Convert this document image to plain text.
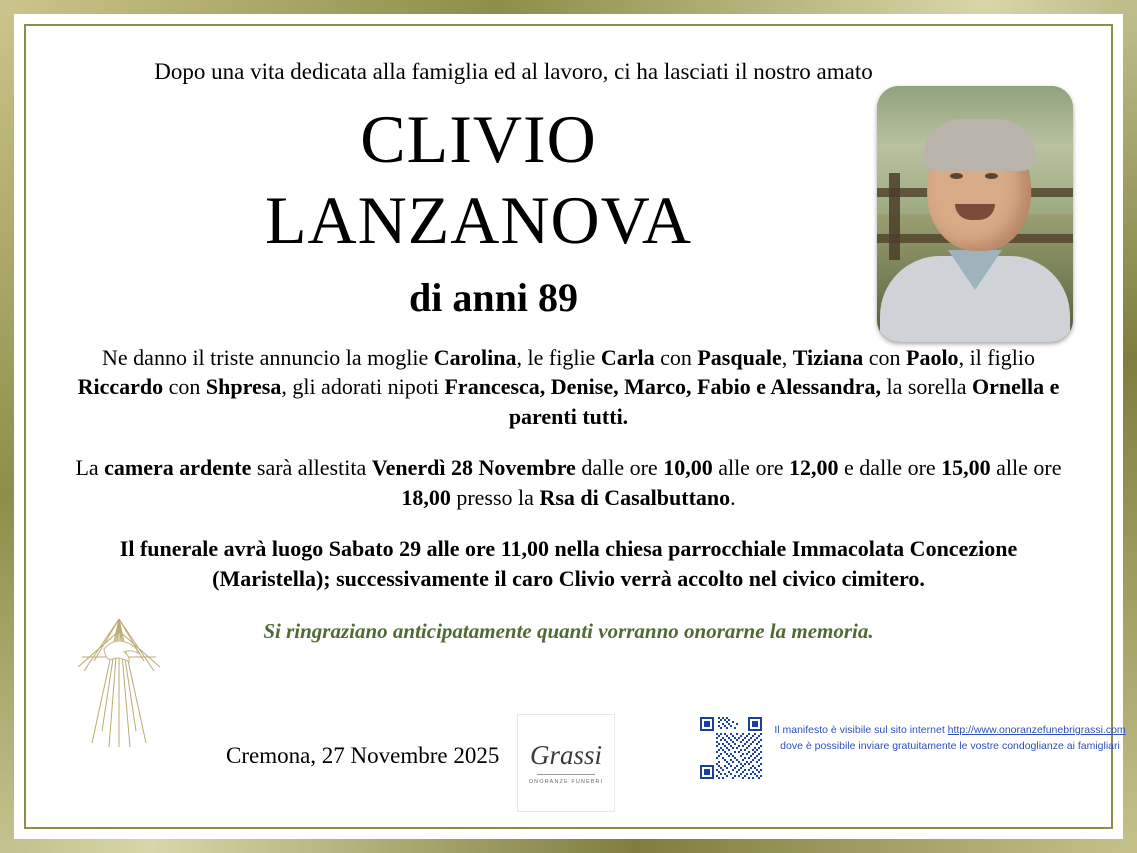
Dopo una vita dedicata alla famiglia ed al lavoro, ci ha lasciati il nostro amato
CLIVIO
LANZANOVA
di anni 89
Ne danno il triste annuncio la moglie Carolina, le figlie Carla con Pasquale, Tiziana con Paolo, il figlio Riccardo con Shpresa, gli adorati nipoti Francesca, Denise, Marco, Fabio e Alessandra, la sorella Ornella e parenti tutti.
La camera ardente sarà allestita Venerdì 28 Novembre dalle ore 10,00 alle ore 12,00 e dalle ore 15,00 alle ore 18,00 presso la Rsa di Casalbuttano.
Il funerale avrà luogo Sabato 29 alle ore 11,00 nella chiesa parrocchiale Immacolata Concezione (Maristella); successivamente il caro Clivio verrà accolto nel civico cimitero.
Si ringraziano anticipatamente quanti vorranno onorarne la memoria.
Cremona, 27 Novembre 2025 Grassi
ONORANZE FUNEBRI
Il manifesto è visibile sul sito internet http://www.onoranzefunebrigrassi.com
dove è possibile inviare gratuitamente le vostre condoglianze ai famigliari
